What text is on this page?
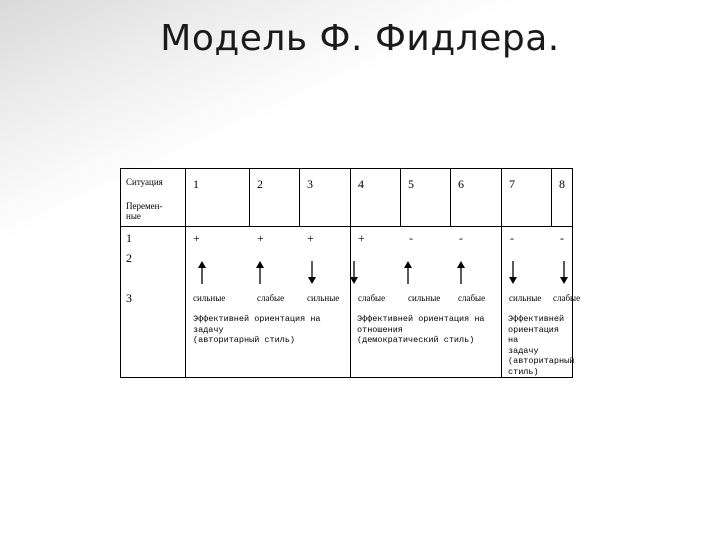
Модель Ф. Фидлера.
Ситуация
Перемен-
ные
1	2	3	4	5	6	7	8
1	+	+	+	+	-	-	-	-
2
3	сильные	слабые	сильные слабые	сильные слабые	сильные слабые
Эффективней ориентация на
задачу
(авторитарный стиль)
Эффективней ориентация на
отношения
(демократический стиль)
Эффективней
ориентация на
задачу
(авторитарный
стиль)
